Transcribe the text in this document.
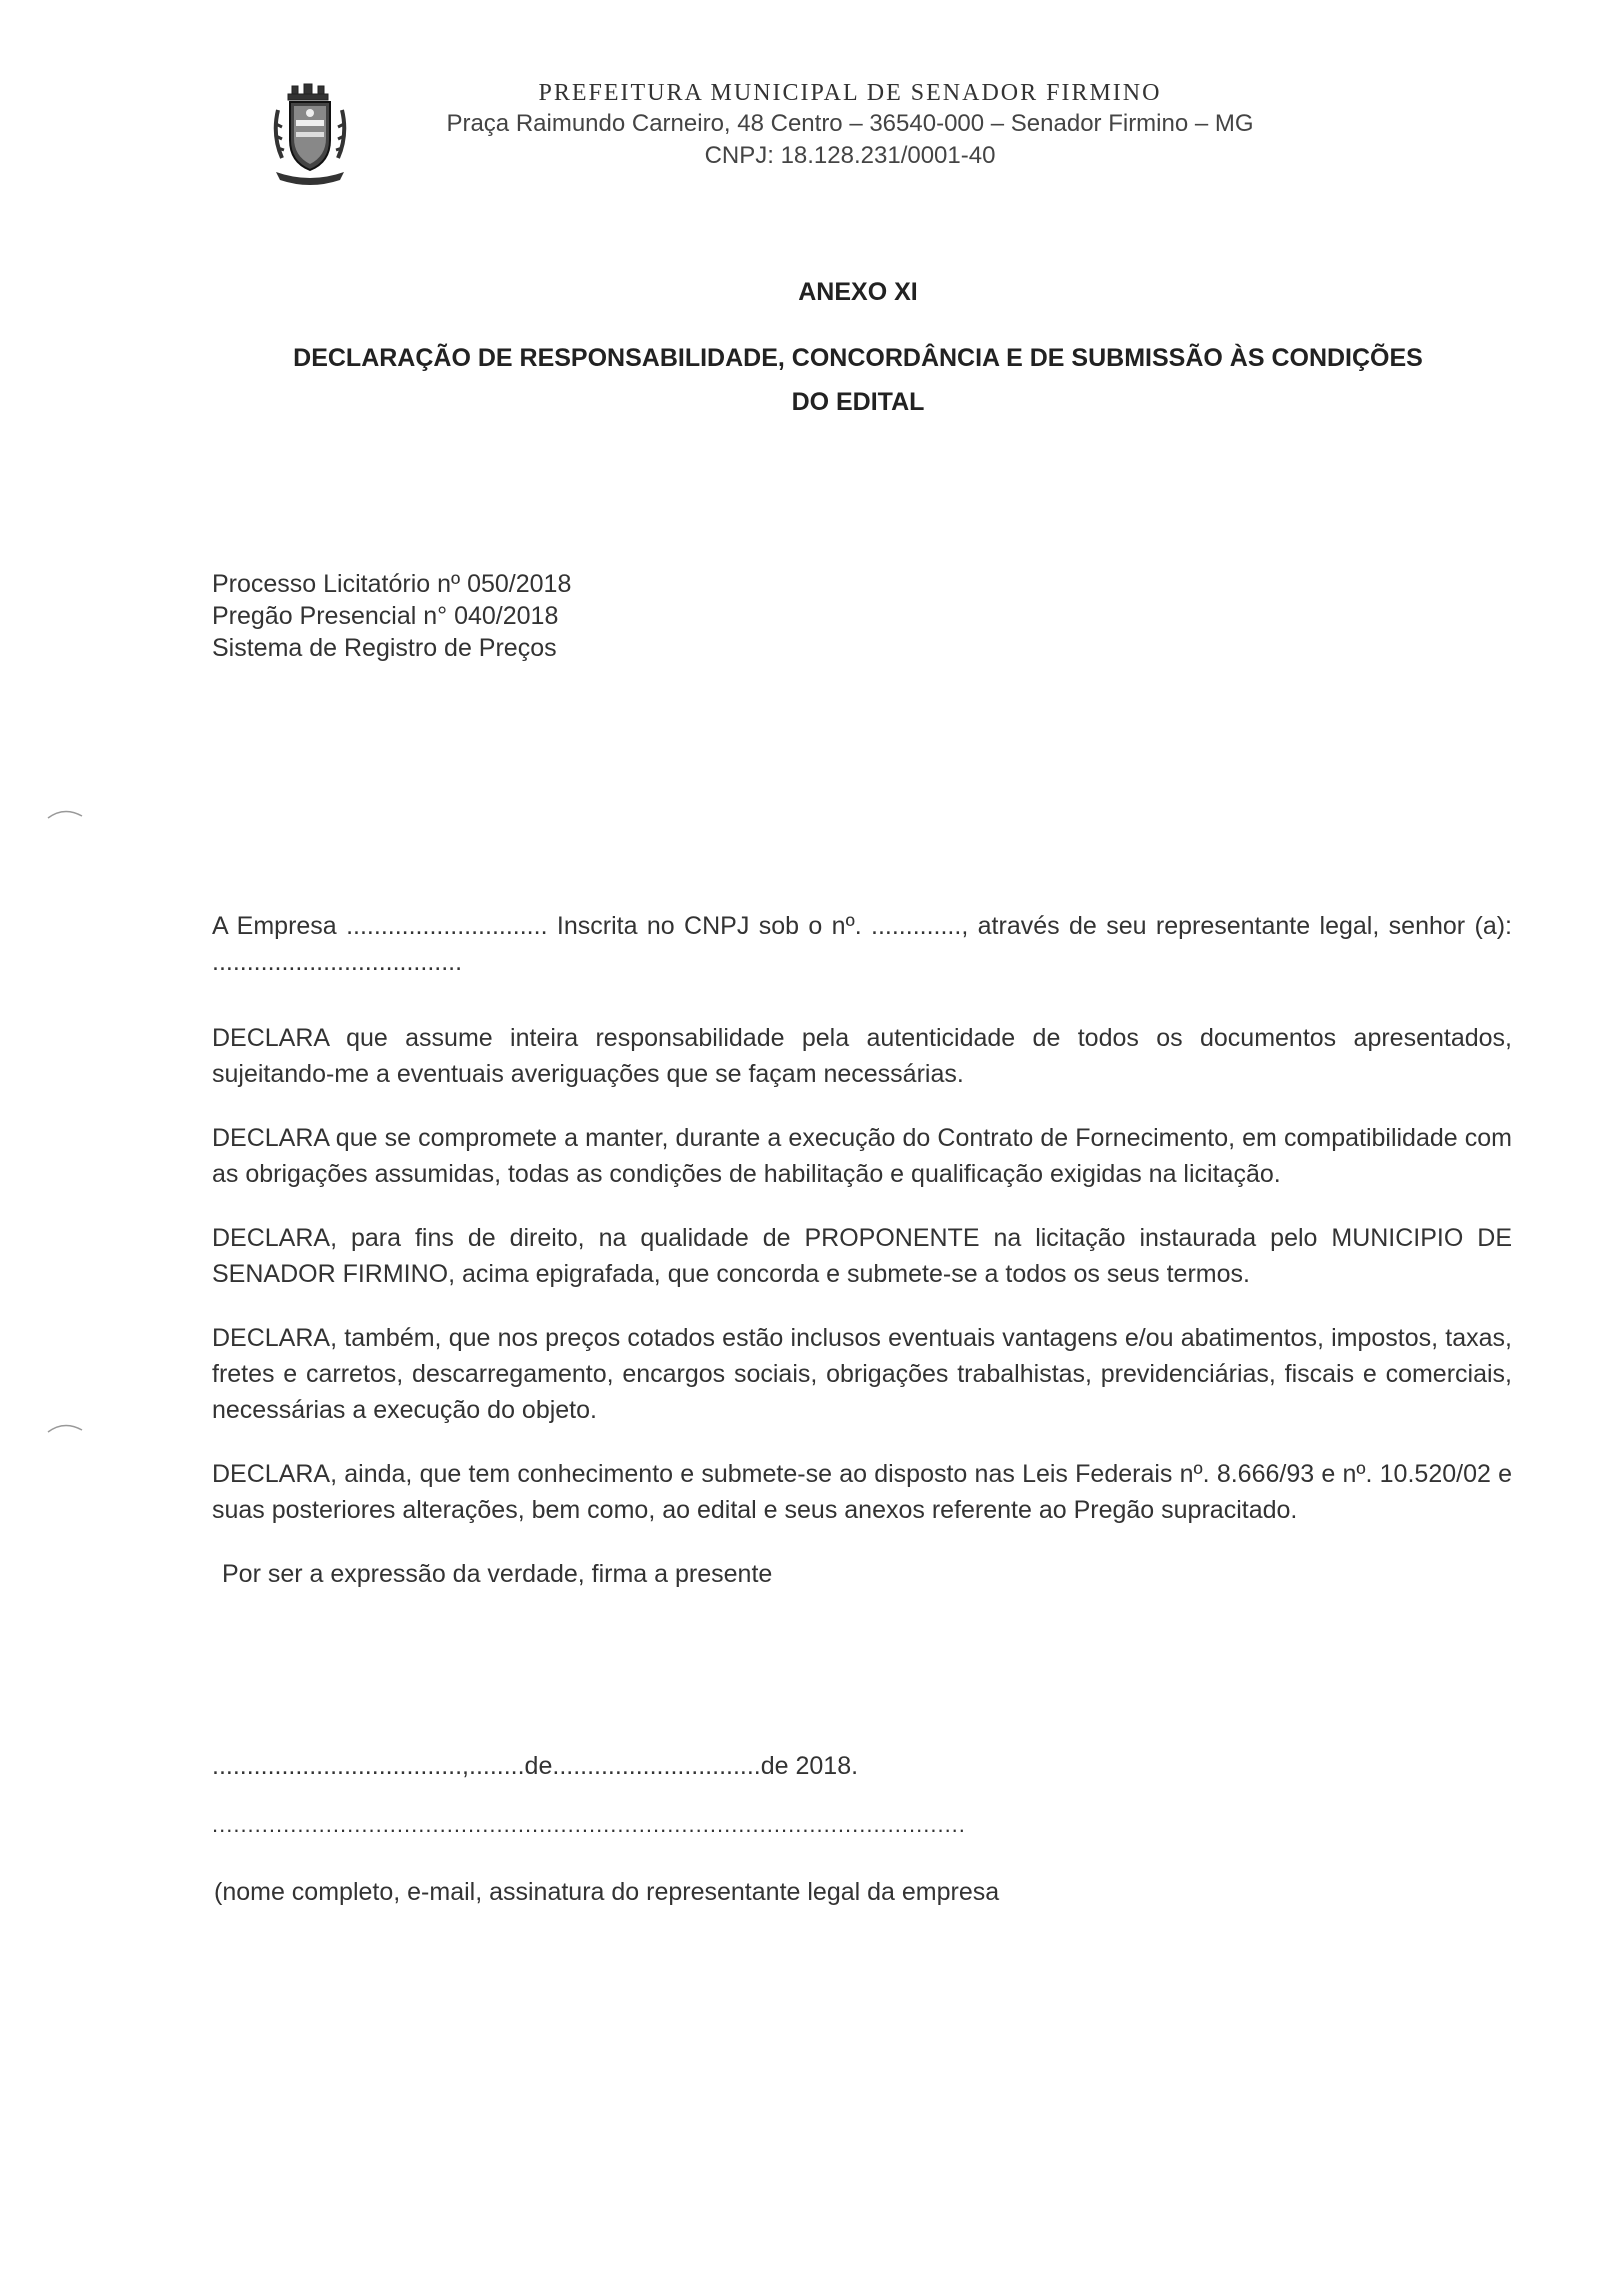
PREFEITURA MUNICIPAL DE SENADOR FIRMINO
Praça Raimundo Carneiro, 48 Centro – 36540-000 – Senador Firmino – MG
CNPJ: 18.128.231/0001-40
ANEXO XI
DECLARAÇÃO DE RESPONSABILIDADE, CONCORDÂNCIA E DE SUBMISSÃO ÀS CONDIÇÕES
DO EDITAL
Processo Licitatório nº 050/2018
Pregão Presencial n° 040/2018
Sistema de Registro de Preços
A Empresa ............................. Inscrita no CNPJ sob o nº. ............., através de seu representante legal, senhor (a): ....................................
DECLARA que assume inteira responsabilidade pela autenticidade de todos os documentos apresentados, sujeitando-me a eventuais averiguações que se façam necessárias.
DECLARA que se compromete a manter, durante a execução do Contrato de Fornecimento, em compatibilidade com as obrigações assumidas, todas as condições de habilitação e qualificação exigidas na licitação.
DECLARA, para fins de direito, na qualidade de PROPONENTE na licitação instaurada pelo MUNICIPIO DE SENADOR FIRMINO, acima epigrafada, que concorda e submete-se a todos os seus termos.
DECLARA, também, que nos preços cotados estão inclusos eventuais vantagens e/ou abatimentos, impostos, taxas, fretes e carretos, descarregamento, encargos sociais, obrigações trabalhistas, previdenciárias, fiscais e comerciais, necessárias a execução do objeto.
DECLARA, ainda, que tem conhecimento e submete-se ao disposto nas Leis Federais nº. 8.666/93 e nº. 10.520/02 e suas posteriores alterações, bem como, ao edital e seus anexos referente ao Pregão supracitado.
Por ser a expressão da verdade, firma a presente
....................................,........de..............................de 2018.
..........................................................................................................
(nome completo, e-mail, assinatura do representante legal da empresa
